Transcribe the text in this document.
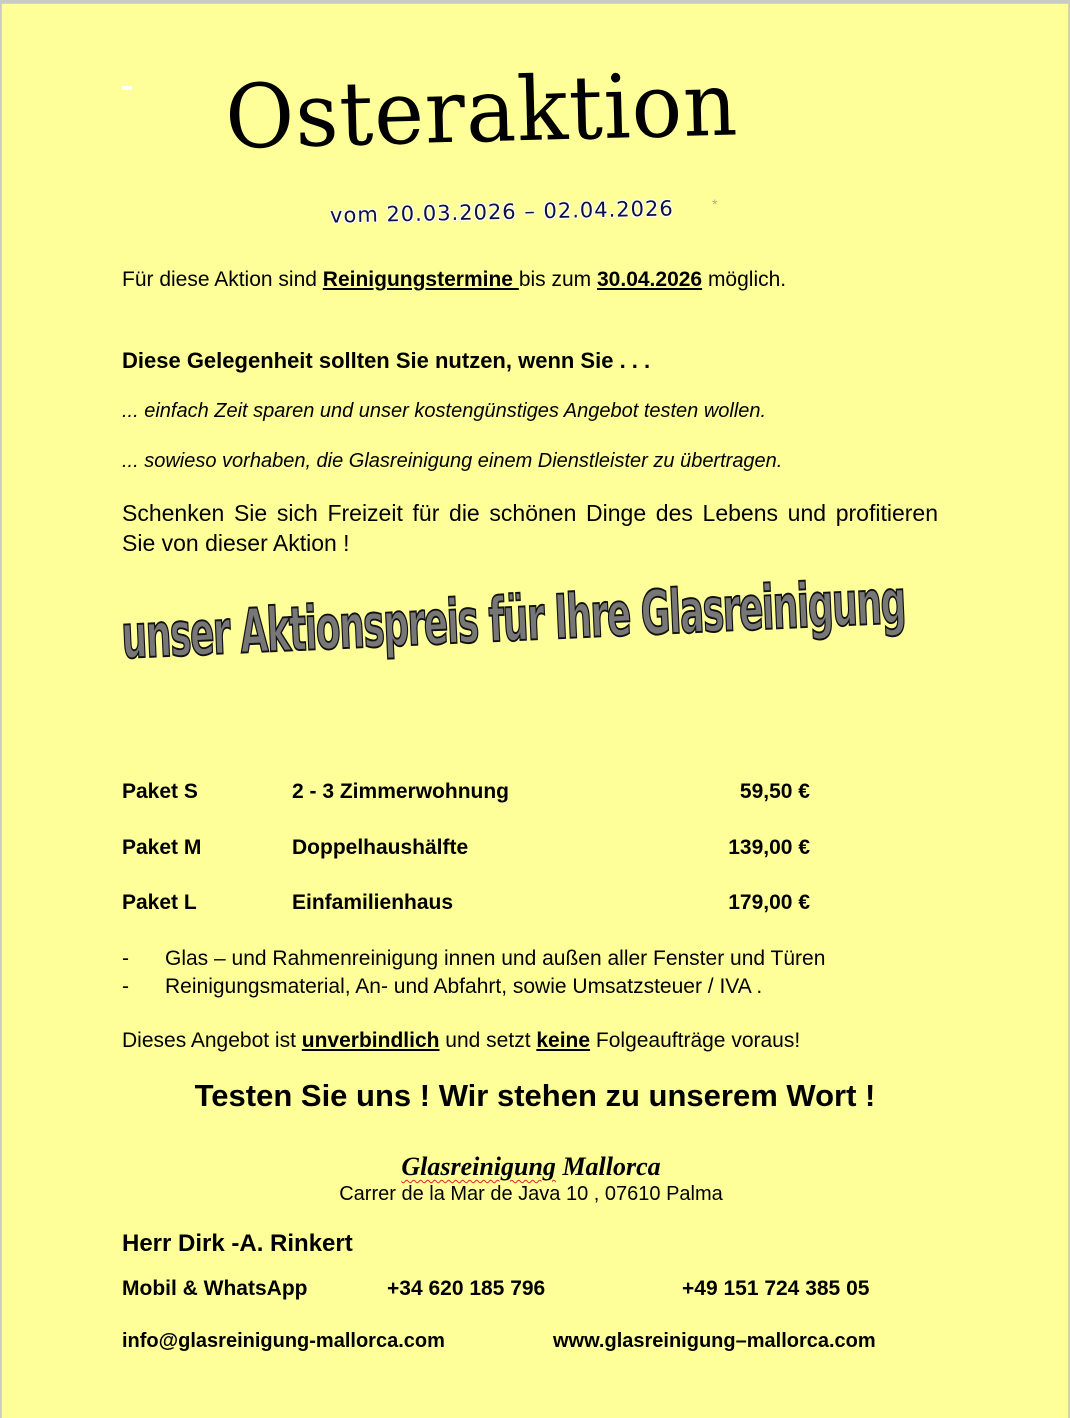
Osteraktion
vom 20.03.2026 – 02.04.2026	*
Für diese Aktion sind Reinigungstermine bis zum 30.04.2026 möglich.
Diese Gelegenheit sollten Sie nutzen, wenn Sie . . .
... einfach Zeit sparen und unser kostengünstiges Angebot testen wollen.
... sowieso vorhaben, die Glasreinigung einem Dienstleister zu übertragen.
Schenken Sie sich Freizeit für die schönen Dinge des Lebens und profitieren Sie von dieser Aktion !
unser Aktionspreis für Ihre Glasreinigung
Paket S	2 - 3 Zimmerwohnung	59,50 €
Paket M	Doppelhaushälfte	139,00 €
Paket L	Einfamilienhaus	179,00 €
- Glas – und Rahmenreinigung innen und außen aller Fenster und Türen
- Reinigungsmaterial, An- und Abfahrt, sowie Umsatzsteuer / IVA .
Dieses Angebot ist unverbindlich und setzt keine Folgeaufträge voraus!
Testen Sie uns ! Wir stehen zu unserem Wort !
Glasreinigung Mallorca
Carrer de la Mar de Java 10 , 07610 Palma
Herr Dirk -A. Rinkert
Mobil & WhatsApp	+34 620 185 796	+49 151 724 385 05
info@glasreinigung-mallorca.com	www.glasreinigung–mallorca.com
